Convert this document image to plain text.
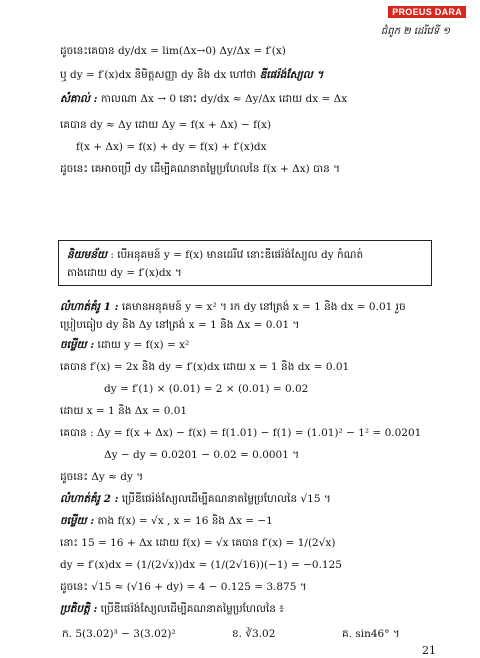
PROEUS DARA
ជំពូក ២ ដេរីវេទី ១
ដូចនេះគេបាន dy/dx = lim(Δx→0) Δy/Δx = f′(x)
ឬ dy = f′(x)dx និមិត្តសញ្ញា dy និង dx ហៅថា ឌីផេរ៉ង់ស្យែល ។
សំគាល់ : កាលណា Δx → 0 នោះ dy/dx ≈ Δy/Δx ដោយ dx = Δx
គេបាន dy ≈ Δy ដោយ Δy = f(x + Δx) − f(x)
f(x + Δx) = f(x) + dy = f(x) + f′(x)dx
ដូចនេះ គេអាចប្រើ dy ដើម្បីគណនាតម្លៃប្រហែលនៃ f(x + Δx) បាន ។
និយមន័យ : បើអនុគមន៍ y = f(x) មានដេរីវេ នោះឌីផេរ៉ង់ស្យែល dy កំណត់
តាងដោយ dy = f′(x)dx ។
លំហាត់គំរូ 1 : គេមានអនុគមន៍ y = x² ។ រក dy នៅត្រង់ x = 1 និង dx = 0.01 រួច
ប្រៀបធៀប dy និង Δy នៅត្រង់ x = 1 និង Δx = 0.01 ។
ចម្លើយ : ដោយ y = f(x) = x²
គេបាន f′(x) = 2x និង dy = f′(x)dx ដោយ x = 1 និង dx = 0.01
dy = f′(1) × (0.01) = 2 × (0.01) = 0.02
ដោយ x = 1 និង Δx = 0.01
គេបាន : Δy = f(x + Δx) − f(x) = f(1.01) − f(1) = (1.01)² − 1² = 0.0201
Δy − dy = 0.0201 − 0.02 = 0.0001 ។
ដូចនេះ Δy ≈ dy ។
លំហាត់គំរូ 2 : ប្រើឌីផេរ៉ង់ស្យែលដើម្បីគណនាតម្លៃប្រហែលនៃ √15 ។
ចម្លើយ : តាង f(x) = √x , x = 16 និង Δx = −1
នោះ 15 = 16 + Δx ដោយ f(x) = √x គេបាន f′(x) = 1/(2√x)
dy = f′(x)dx = (1/(2√x))dx = (1/(2√16))(−1) = −0.125
ដូចនេះ √15 ≈ (√16 + dy) = 4 − 0.125 = 3.875 ។
ប្រតិបត្តិ : ប្រើឌីផេរ៉ង់ស្យែលដើម្បីគណនាតម្លៃប្រហែលនៃ ៖
ក. 5(3.02)³ − 3(3.02)²	ខ. ∛3.02	គ. sin46° ។
21
